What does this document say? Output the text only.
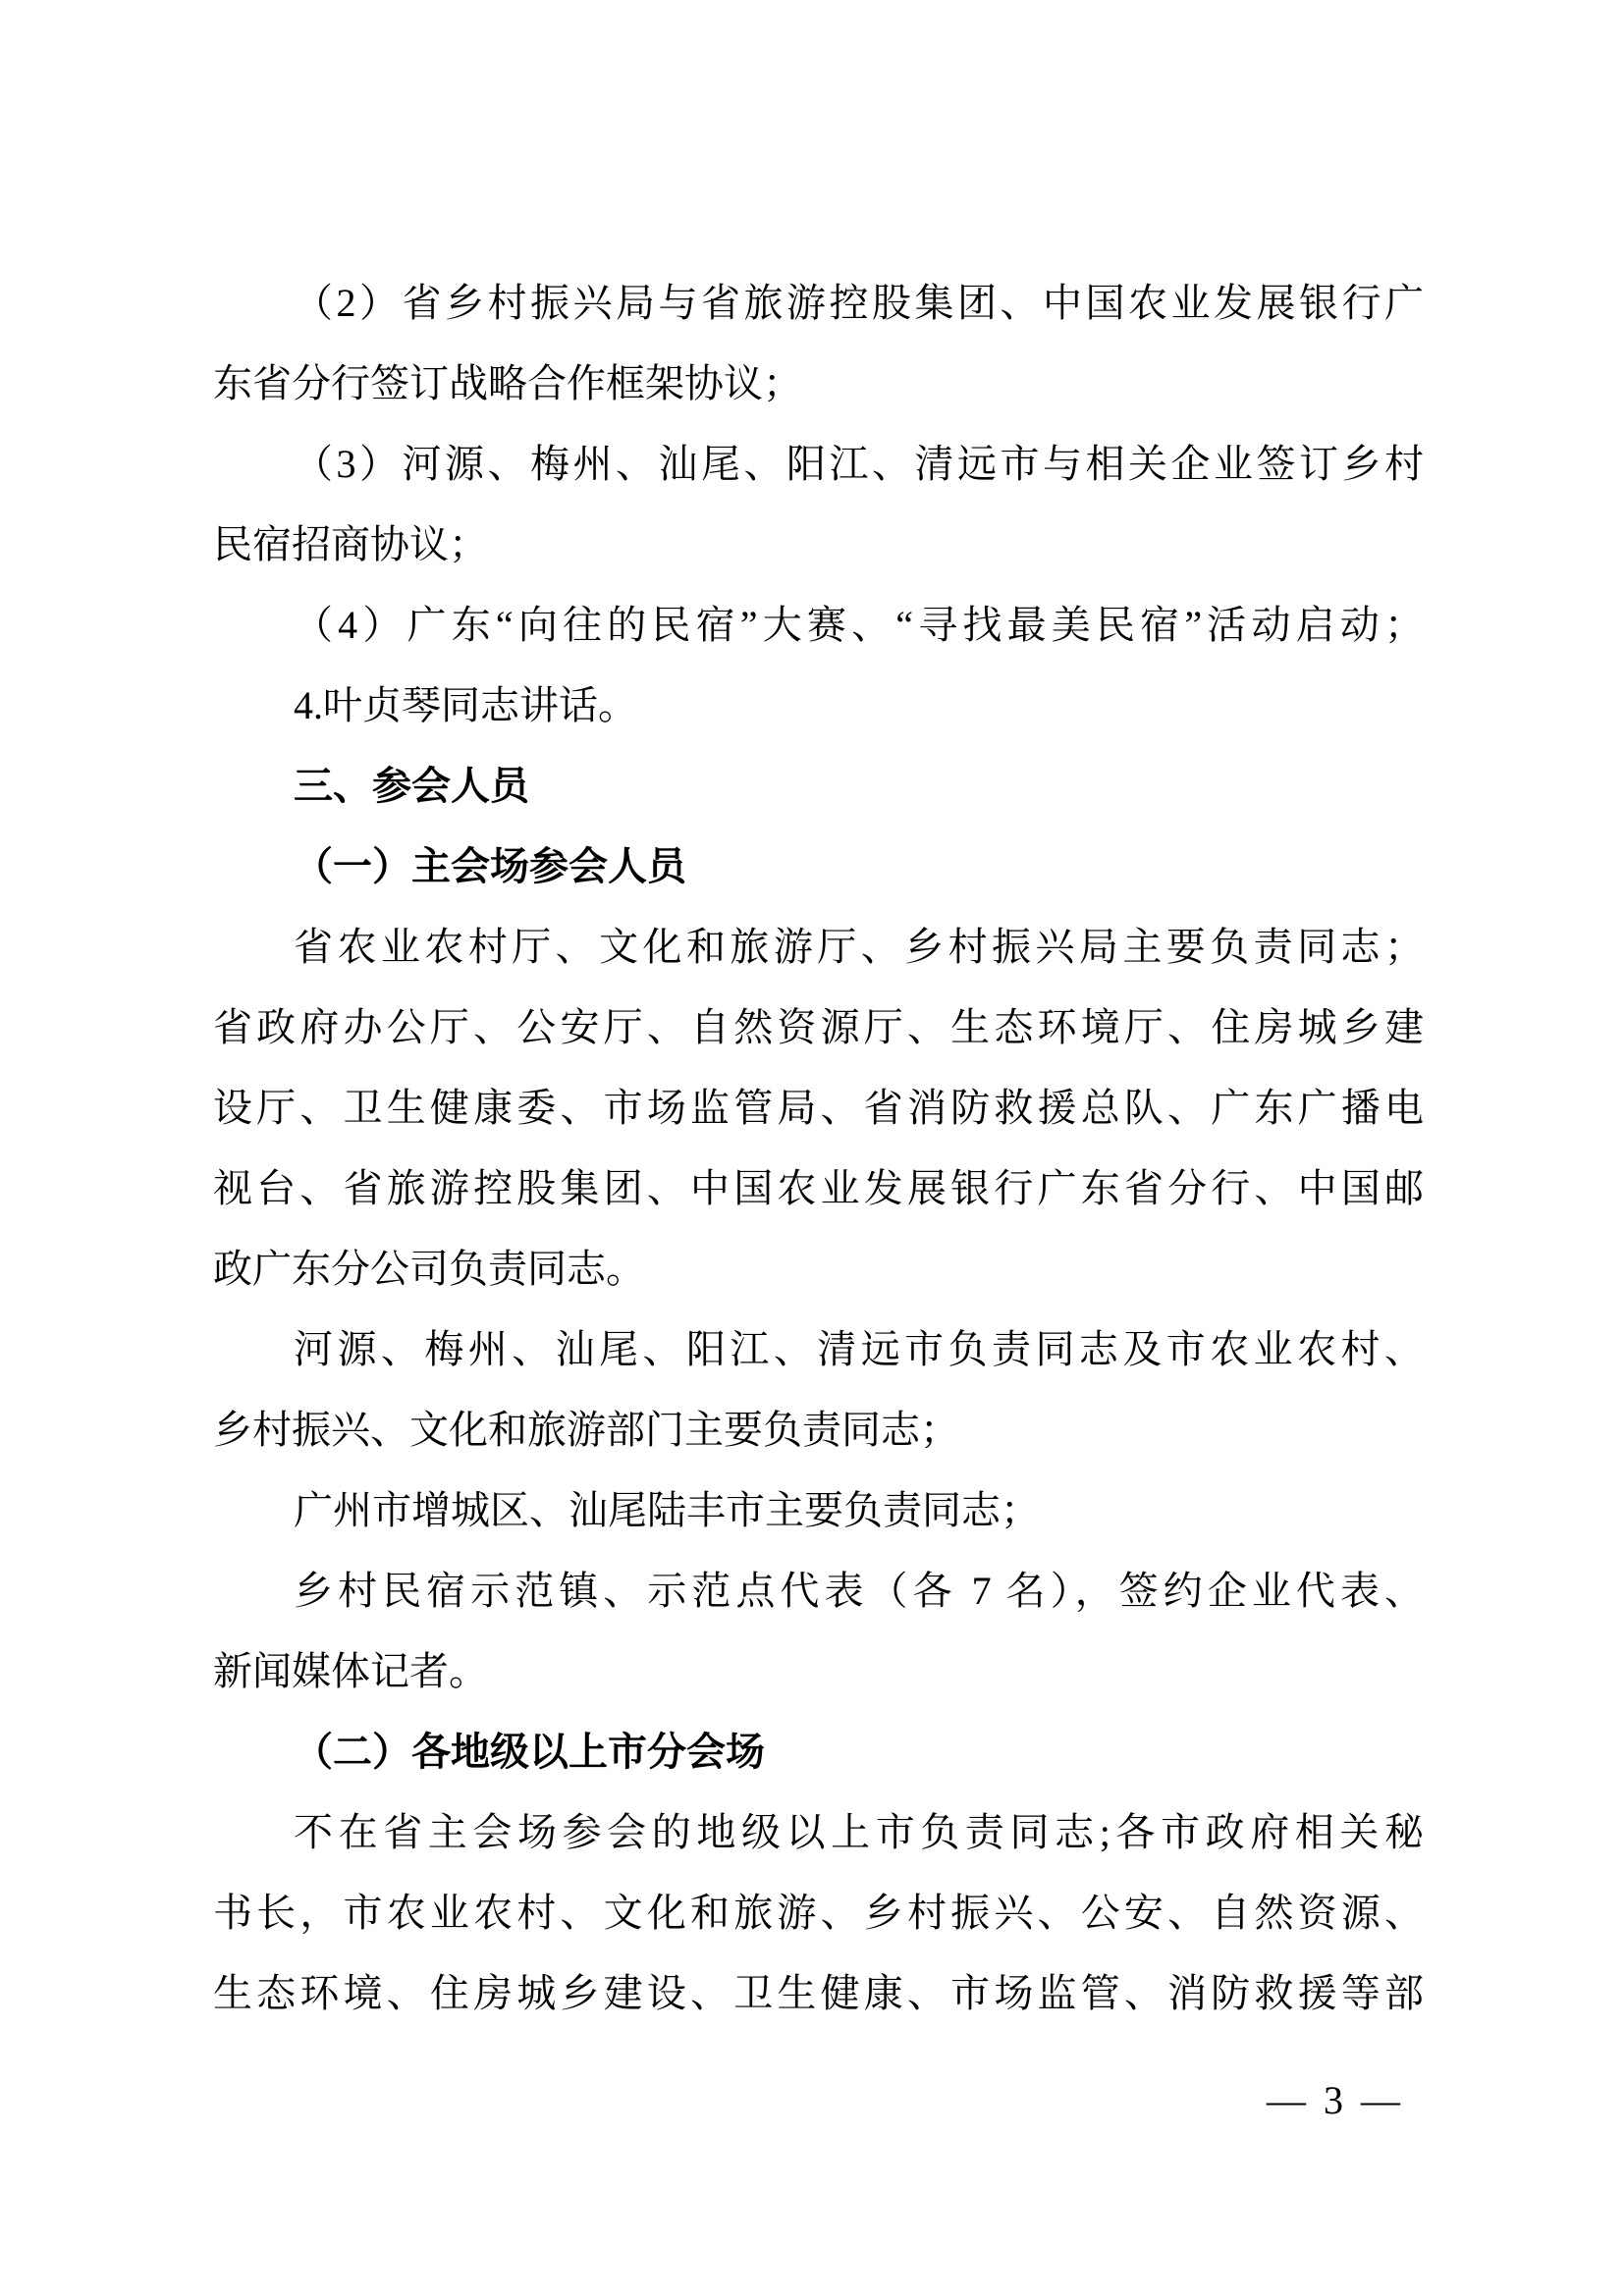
（2）省乡村振兴局与省旅游控股集团、中国农业发展银行广
东省分行签订战略合作框架协议；
（3）河源、梅州、汕尾、阳江、清远市与相关企业签订乡村
民宿招商协议；
（4）广东“向往的民宿”大赛、“寻找最美民宿”活动启动；
4.叶贞琴同志讲话。
三、参会人员
（一）主会场参会人员
省农业农村厅、文化和旅游厅、乡村振兴局主要负责同志；
省政府办公厅、公安厅、自然资源厅、生态环境厅、住房城乡建
设厅、卫生健康委、市场监管局、省消防救援总队、广东广播电
视台、省旅游控股集团、中国农业发展银行广东省分行、中国邮
政广东分公司负责同志。
河源、梅州、汕尾、阳江、清远市负责同志及市农业农村、
乡村振兴、文化和旅游部门主要负责同志；
广州市增城区、汕尾陆丰市主要负责同志；
乡村民宿示范镇、示范点代表（各 7 名），签约企业代表、
新闻媒体记者。
（二）各地级以上市分会场
不在省主会场参会的地级以上市负责同志;各市政府相关秘
书长，市农业农村、文化和旅游、乡村振兴、公安、自然资源、
生态环境、住房城乡建设、卫生健康、市场监管、消防救援等部
— 3 —
